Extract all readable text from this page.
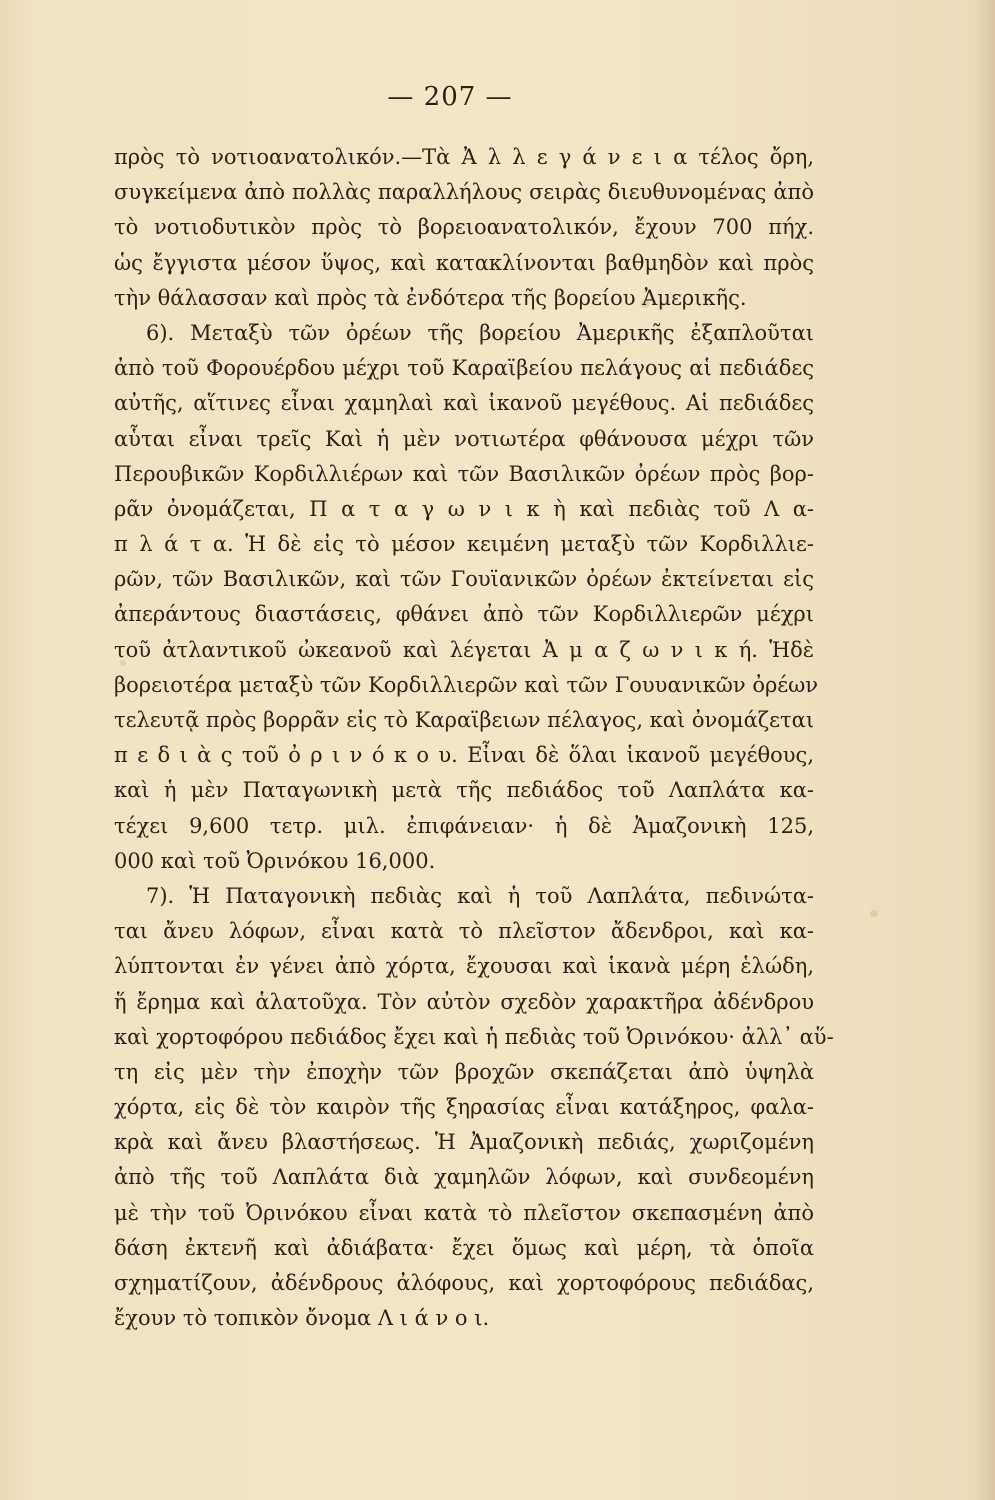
— 207 —
πρὸς τὸ νοτιοανατολικόν.—Τὰ Ἀ λ λ ε γ ά ν ε ι α τέλος ὄρη,
συγκείμενα ἀπὸ πολλὰς παραλλήλους σειρὰς διευθυνομένας ἀπὸ
τὸ νοτιοδυτικὸν πρὸς τὸ βορειοανατολικόν, ἔχουν 700 πήχ.
ὡς ἔγγιστα μέσον ὕψος, καὶ κατακλίνονται βαθμηδὸν καὶ πρὸς
τὴν θάλασσαν καὶ πρὸς τὰ ἐνδότερα τῆς βορείου Ἀμερικῆς.
6). Μεταξὺ τῶν ὀρέων τῆς βορείου Ἀμερικῆς ἐξαπλοῦται
ἀπὸ τοῦ Φορουέρδου μέχρι τοῦ Καραϊβείου πελάγους αἱ πεδιάδες
αὐτῆς, αἵτινες εἶναι χαμηλαὶ καὶ ἱκανοῦ μεγέθους. Αἱ πεδιάδες
αὗται εἶναι τρεῖς Καὶ ἡ μὲν νοτιωτέρα φθάνουσα μέχρι τῶν
Περουβικῶν Κορδιλλιέρων καὶ τῶν Βασιλικῶν ὀρέων πρὸς βορ-
ρᾶν ὀνομάζεται, Π α τ α γ ω ν ι κ ὴ καὶ πεδιὰς τοῦ Λ α-
π λ ά τ α. Ἡ δὲ εἰς τὸ μέσον κειμένη μεταξὺ τῶν Κορδιλλιε-
ρῶν, τῶν Βασιλικῶν, καὶ τῶν Γουϊανικῶν ὀρέων ἐκτείνεται εἰς
ἀπεράντους διαστάσεις, φθάνει ἀπὸ τῶν Κορδιλλιερῶν μέχρι
τοῦ ἀτλαντικοῦ ὠκεανοῦ καὶ λέγεται Ἀ μ α ζ ω ν ι κ ή. Ἡδὲ
βορειοτέρα μεταξὺ τῶν Κορδιλλιερῶν καὶ τῶν Γουυανικῶν ὀρέων
τελευτᾷ πρὸς βορρᾶν εἰς τὸ Καραϊβειων πέλαγος, καὶ ὀνομάζεται
π ε δ ι ὰ ς τοῦ ὀ ρ ι ν ό κ ο υ. Εἶναι δὲ ὅλαι ἱκανοῦ μεγέθους,
καὶ ἡ μὲν Παταγωνικὴ μετὰ τῆς πεδιάδος τοῦ Λαπλάτα κα-
τέχει 9,600 τετρ. μιλ. ἐπιφάνειαν· ἡ δὲ Ἀμαζονικὴ 125,
000 καὶ τοῦ Ὀρινόκου 16,000.
7). Ἡ Παταγονικὴ πεδιὰς καὶ ἡ τοῦ Λαπλάτα, πεδινώτα-
ται ἄνευ λόφων, εἶναι κατὰ τὸ πλεῖστον ἄδενδροι, καὶ κα-
λύπτονται ἐν γένει ἀπὸ χόρτα, ἔχουσαι καὶ ἱκανὰ μέρη ἑλώδη,
ἥ ἔρημα καὶ ἁλατοῦχα. Τὸν αὐτὸν σχεδὸν χαρακτῆρα ἀδένδρου
καὶ χορτοφόρου πεδιάδος ἔχει καὶ ἡ πεδιὰς τοῦ Ὀρινόκου· ἀλλ᾽ αὕ-
τη εἰς μὲν τὴν ἐποχὴν τῶν βροχῶν σκεπάζεται ἀπὸ ὑψηλὰ
χόρτα, εἰς δὲ τὸν καιρὸν τῆς ξηρασίας εἶναι κατάξηρος, φαλα-
κρὰ καὶ ἄνευ βλαστήσεως. Ἡ Ἀμαζονικὴ πεδιάς, χωριζομένη
ἀπὸ τῆς τοῦ Λαπλάτα διὰ χαμηλῶν λόφων, καὶ συνδεομένη
μὲ τὴν τοῦ Ὀρινόκου εἶναι κατὰ τὸ πλεῖστον σκεπασμένη ἀπὸ
δάση ἐκτενῆ καὶ ἀδιάβατα· ἔχει ὅμως καὶ μέρη, τὰ ὁποῖα
σχηματίζουν, ἀδένδρους ἀλόφους, καὶ χορτοφόρους πεδιάδας,
ἔχουν τὸ τοπικὸν ὄνομα Λ ι ά ν ο ι.
